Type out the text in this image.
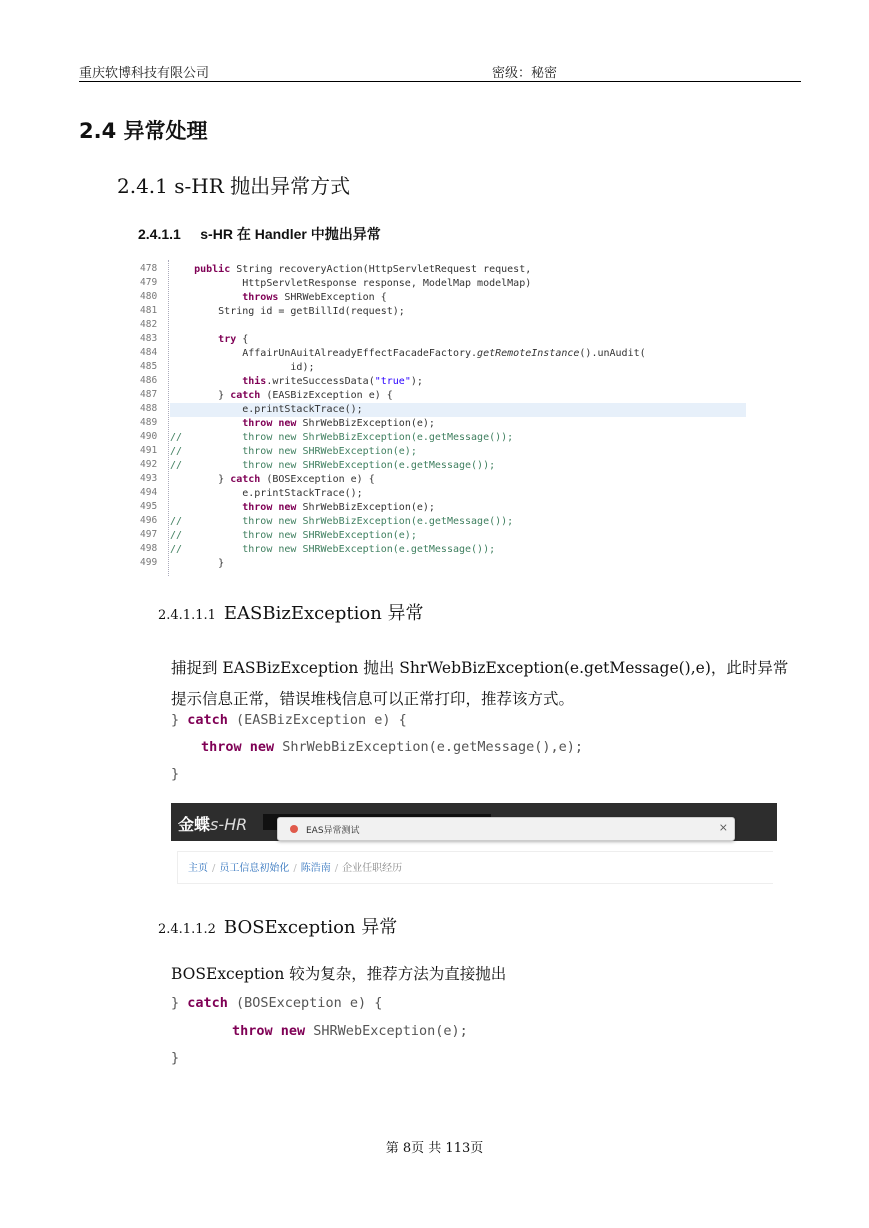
重庆软博科技有限公司	密级：秘密
2.4 异常处理
2.4.1 s-HR 抛出异常方式
2.4.1.1     s-HR 在 Handler 中抛出异常
478
479
480
481
482
483
484
485
486
487
488
489
490
491
492
493
494
495
496
497
498
499
public String recoveryAction(HttpServletRequest request,
HttpServletResponse response, ModelMap modelMap)
throws SHRWebException {
String id = getBillId(request);
try {
AffairUnAuitAlreadyEffectFacadeFactory.getRemoteInstance().unAudit(
id);
this.writeSuccessData("true");
} catch (EASBizException e) {
e.printStackTrace();
throw new ShrWebBizException(e);
//          throw new ShrWebBizException(e.getMessage());
//          throw new SHRWebException(e);
//          throw new SHRWebException(e.getMessage());
} catch (BOSException e) {
e.printStackTrace();
throw new ShrWebBizException(e);
//          throw new ShrWebBizException(e.getMessage());
//          throw new SHRWebException(e);
//          throw new SHRWebException(e.getMessage());
}
2.4.1.1.1 EASBizException 异常
捕捉到 EASBizException 抛出 ShrWebBizException(e.getMessage(),e)，此时异常
提示信息正常，错误堆栈信息可以正常打印，推荐该方式。
} catch (EASBizException e) {
throw new ShrWebBizException(e.getMessage(),e);
}
金蝶s-HR	EAS异常测试	×
主页 / 员工信息初始化 / 陈浩南 / 企业任职经历
2.4.1.1.2 BOSException 异常
BOSException 较为复杂，推荐方法为直接抛出
} catch (BOSException e) {
throw new SHRWebException(e);
}
第 8页 共 113页
